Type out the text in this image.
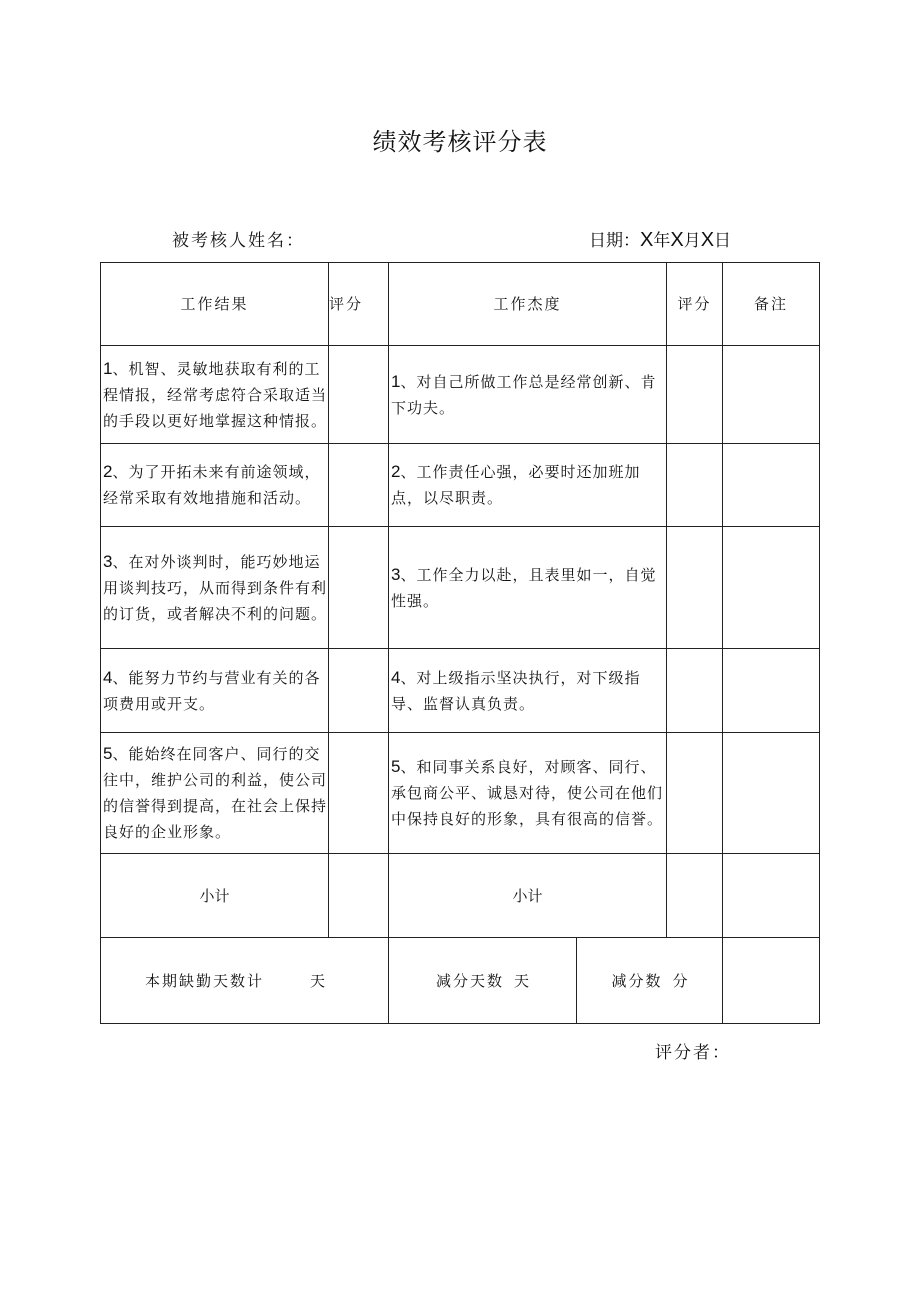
绩效考核评分表
被考核人姓名：	日期：X年X月X日
工作结果	评分	工作杰度		评分	备注
1、机智、灵敏地获取有利的工程情报，经常考虑符合采取适当的手段以更好地掌握这种情报。		1、对自己所做工作总是经常创新、肯下功夫。			
2、为了开拓未来有前途领域，经常采取有效地措施和活动。		2、工作责任心强，必要时还加班加点，以尽职责。			
3、在对外谈判时，能巧妙地运用谈判技巧，从而得到条件有利的订货，或者解决不利的问题。		3、工作全力以赴，且表里如一，自觉性强。			
4、能努力节约与营业有关的各项费用或开支。		4、对上级指示坚决执行，对下级指导、监督认真负责。			
5、能始终在同客户、同行的交往中，维护公司的利益，使公司的信誉得到提高，在社会上保持良好的企业形象。		5、和同事关系良好，对顾客、同行、承包商公平、诚恳对待，使公司在他们中保持良好的形象，具有很高的信誉。			
小计		小计			
本期缺勤天数计 天		减分天数 天	减分数 分		
评分者：
